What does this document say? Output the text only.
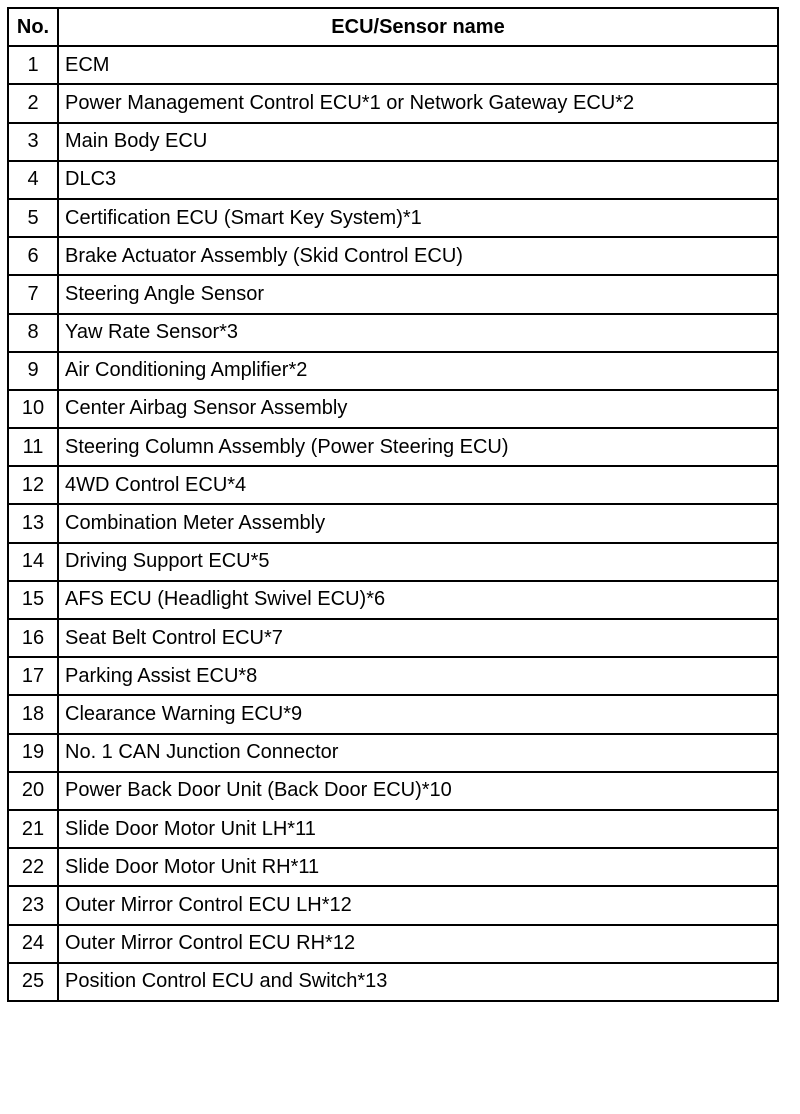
No.	ECU/Sensor name
1	ECM
2	Power Management Control ECU*1 or Network Gateway ECU*2
3	Main Body ECU
4	DLC3
5	Certification ECU (Smart Key System)*1
6	Brake Actuator Assembly (Skid Control ECU)
7	Steering Angle Sensor
8	Yaw Rate Sensor*3
9	Air Conditioning Amplifier*2
10	Center Airbag Sensor Assembly
11	Steering Column Assembly (Power Steering ECU)
12	4WD Control ECU*4
13	Combination Meter Assembly
14	Driving Support ECU*5
15	AFS ECU (Headlight Swivel ECU)*6
16	Seat Belt Control ECU*7
17	Parking Assist ECU*8
18	Clearance Warning ECU*9
19	No. 1 CAN Junction Connector
20	Power Back Door Unit (Back Door ECU)*10
21	Slide Door Motor Unit LH*11
22	Slide Door Motor Unit RH*11
23	Outer Mirror Control ECU LH*12
24	Outer Mirror Control ECU RH*12
25	Position Control ECU and Switch*13
